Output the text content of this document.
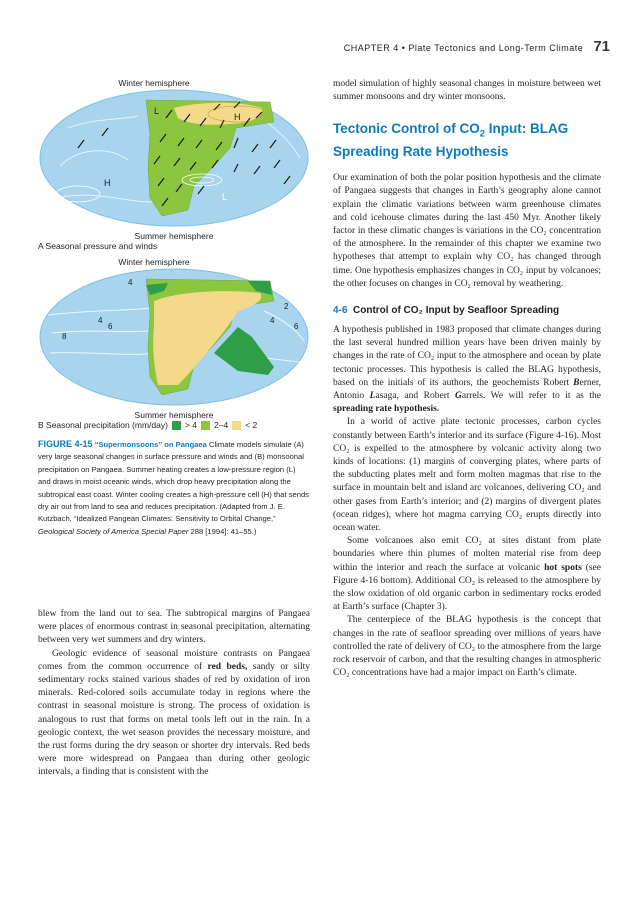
CHAPTER 4 • Plate Tectonics and Long-Term Climate 71
Winter hemisphere
L
H
H
L
Summer hemisphere
A Seasonal pressure and winds
Winter hemisphere
4
2
4
6
4
6
8
Summer hemisphere
B Seasonal precipitation (mm/day) > 4 2–4 < 2
FIGURE 4-15 “Supermonsoons” on Pangaea Climate models simulate (A) very large seasonal changes in surface pressure and winds and (B) monsoonal precipitation on Pangaea. Summer heating creates a low-pressure region (L) and draws in moist oceanic winds, which drop heavy precipitation along the subtropical east coast. Winter cooling creates a high-pressure cell (H) that sends dry air out from land to sea and reduces precipitation. (Adapted from J. E. Kutzbach, “Idealized Pangean Climates: Sensitivity to Orbital Change,” Geological Society of America Special Paper 288 [1994]: 41–55.)

blew from the land out to sea. The subtropical margins of Pangaea were places of enormous contrast in seasonal precipitation, alternating between very wet summers and dry winters.

Geologic evidence of seasonal moisture contrasts on Pangaea comes from the common occurrence of red beds, sandy or silty sedimentary rocks stained various shades of red by oxidation of iron minerals. Red-colored soils accumulate today in regions where the contrast in seasonal moisture is strong. The process of oxidation is analogous to rust that forms on metal tools left out in the rain. In a geologic context, the wet season provides the necessary moisture, and the rust forms during the dry season or shorter dry intervals. Red beds were more widespread on Pangaea than during other geologic intervals, a finding that is consistent with the

model simulation of highly seasonal changes in moisture between wet summer monsoons and dry winter monsoons.

Tectonic Control of $CO_2$ Input: BLAG Spreading Rate Hypothesis

Our examination of both the polar position hypothesis and the climate of Pangaea suggests that changes in Earth’s geography alone cannot explain the climatic variations between warm greenhouse climates and cold icehouse climates during the last 450 Myr. Another likely factor in these climatic changes is variations in the CO₂ concentration of the atmosphere. In the remainder of this chapter we examine two hypotheses that attempt to explain why CO₂ has changed through time. One hypothesis emphasizes changes in CO₂ input by volcanoes; the other focuses on changes in CO₂ removal by weathering.

4-6 Control of CO₂ Input by Seafloor Spreading

A hypothesis published in 1983 proposed that climate changes during the last several hundred million years have been driven mainly by changes in the rate of CO₂ input to the atmosphere and ocean by plate tectonic processes. This hypothesis is called the BLAG hypothesis, based on the initials of its authors, the geochemists Robert Berner, Antonio Lasaga, and Robert Garrels. We will refer to it as the spreading rate hypothesis.

In a world of active plate tectonic processes, carbon cycles constantly between Earth’s interior and its surface (Figure 4-16). Most CO₂ is expelled to the atmosphere by volcanic activity along two kinds of locations: (1) margins of converging plates, where parts of the subducting plates melt and form molten magmas that rise to the surface in mountain belt and island arc volcanoes, delivering CO₂ and other gases from Earth’s interior; and (2) margins of divergent plates (ocean ridges), where hot magma carrying CO₂ erupts directly into ocean water.

Some volcanoes also emit CO₂ at sites distant from plate boundaries where thin plumes of molten material rise from deep within the interior and reach the surface at volcanic hot spots (see Figure 4-16 bottom). Additional CO₂ is released to the atmosphere by the slow oxidation of old organic carbon in sedimentary rocks eroded at Earth’s surface (Chapter 3).

The centerpiece of the BLAG hypothesis is the concept that changes in the rate of seafloor spreading over millions of years have controlled the rate of delivery of CO₂ to the atmosphere from the large rock reservoir of carbon, and that the resulting changes in atmospheric CO₂ concentrations have had a major impact on Earth’s climate.
